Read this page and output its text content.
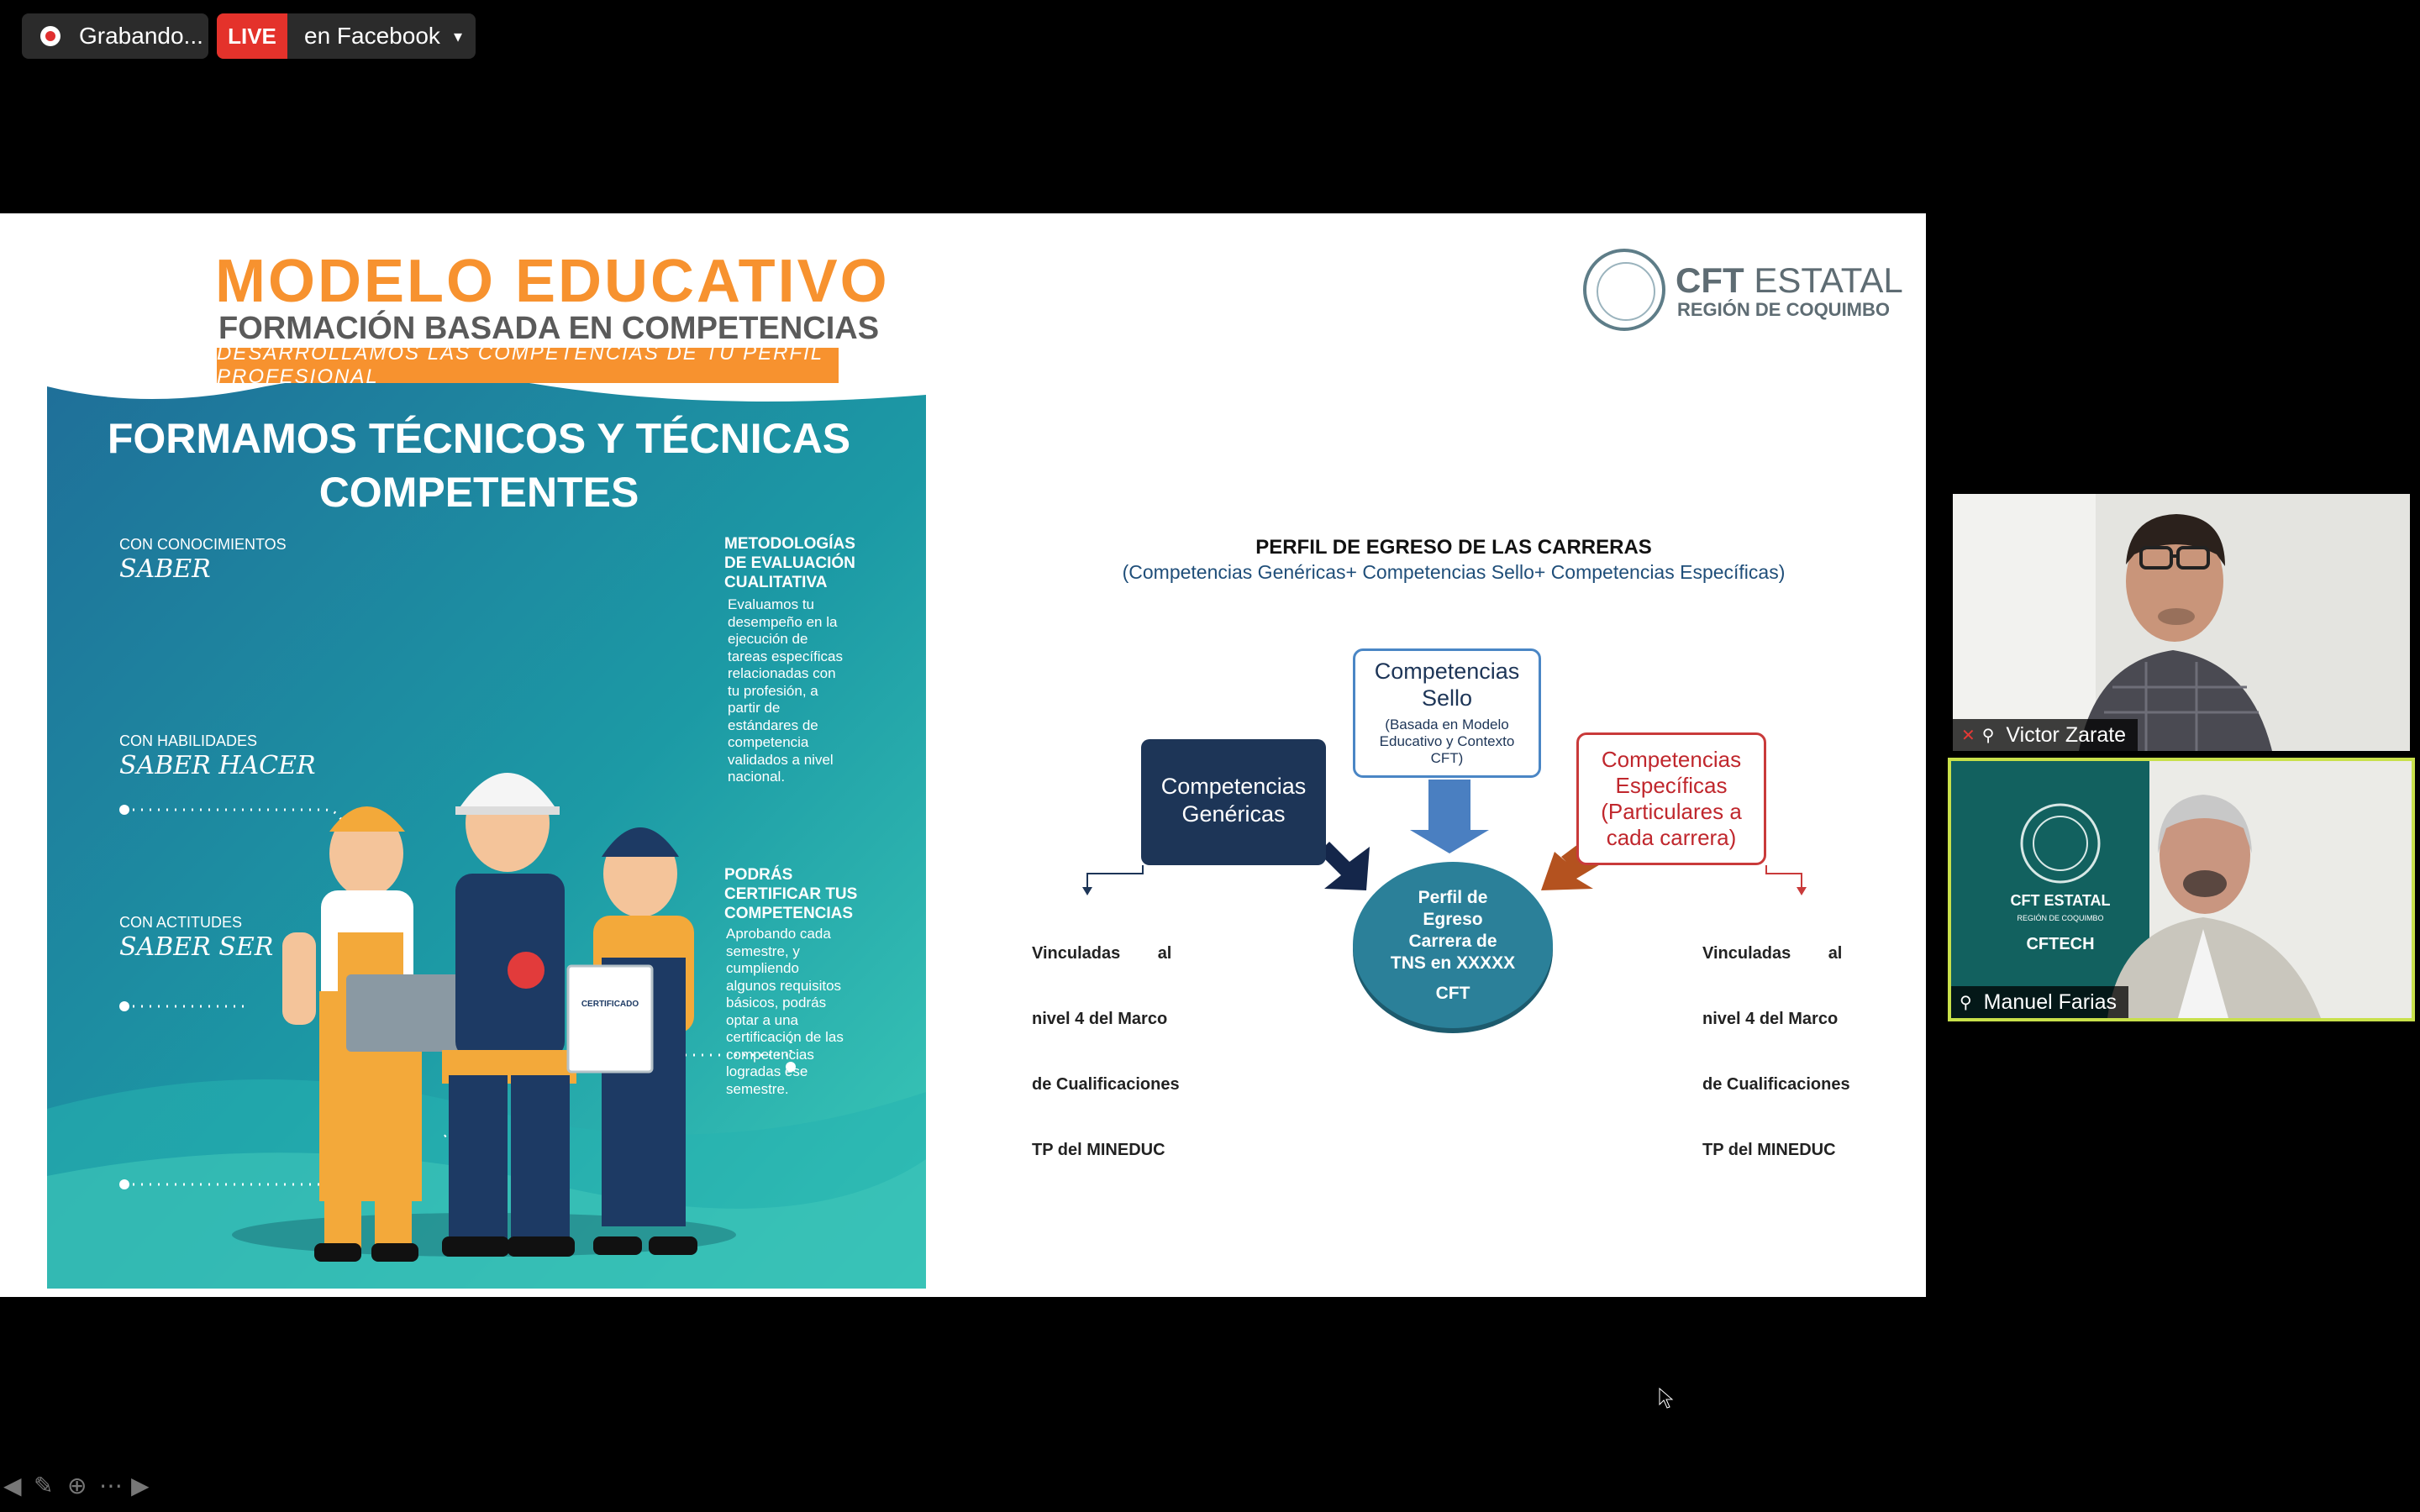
Grabando...	LIVE	en Facebook ▾
CERTIFICADO
MODELO EDUCATIVO
FORMACIÓN BASADA EN COMPETENCIAS
DESARROLLAMOS LAS COMPETENCIAS DE TU PERFIL PROFESIONAL
FORMAMOS TÉCNICOS Y TÉCNICAS
COMPETENTES
CON CONOCIMIENTOS
SABER
CON HABILIDADES
SABER HACER
CON ACTITUDES
SABER SER
METODOLOGÍAS
DE EVALUACIÓN
CUALITATIVA
Evaluamos tu
desempeño en la
ejecución de
tareas específicas
relacionadas con
tu profesión, a
partir de
estándares de
competencia
validados a nivel
nacional.
PODRÁS
CERTIFICAR TUS
COMPETENCIAS
Aprobando cada
semestre, y
cumpliendo
algunos requisitos
básicos, podrás
optar a una
certificación de las
competencias
logradas ese
semestre.
CFT ESTATAL
REGIÓN DE COQUIMBO
PERFIL DE EGRESO DE LAS CARRERAS
(Competencias Genéricas+ Competencias Sello+ Competencias Específicas)
Competencias
Genéricas
Competencias
Sello
(Basada en Modelo
Educativo y Contexto
CFT)	Competencias
Específicas
(Particulares a
cada carrera)
Perfil de
Egreso
Carrera de
TNS en XXXXX
CFT

Vinculadas        al

nivel 4 del Marco

de Cualificaciones

TP del MINEDUC

Vinculadas        al

nivel 4 del Marco

de Cualificaciones

TP del MINEDUC

◀ ✎ ⊕ ⋯ ▶
✕ ⚲ Victor Zarate
CFT ESTATAL
REGIÓN DE COQUIMBO
CFTECH
⚲ Manuel Farias
